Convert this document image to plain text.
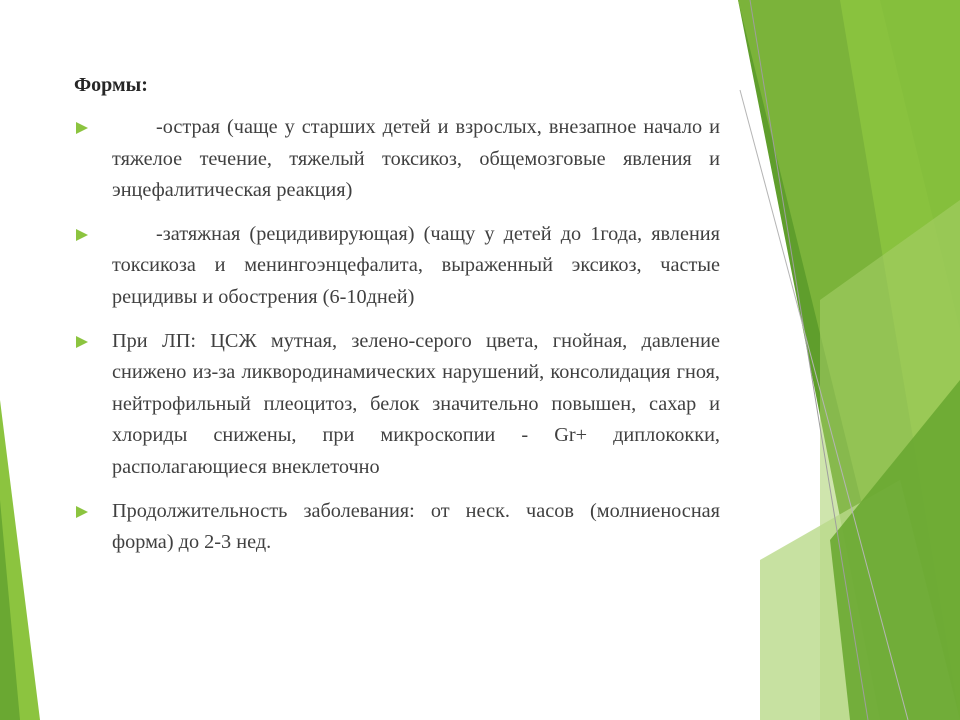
Формы:
-острая (чаще у старших детей и взрослых, внезапное начало и тяжелое течение, тяжелый токсикоз, общемозговые явления и энцефалитическая реакция)
-затяжная (рецидивирующая) (чащу у детей до 1года, явления токсикоза и менингоэнцефалита, выраженный эксикоз, частые рецидивы и обострения (6-10дней)
При ЛП: ЦСЖ мутная, зелено-серого цвета, гнойная, давление снижено из-за ликвородинамических нарушений, консолидация гноя, нейтрофильный плеоцитоз, белок значительно повышен, сахар и хлориды снижены, при микроскопии - Gr+ диплококки, располагающиеся внеклеточно
Продолжительность заболевания: от неск. часов (молниеносная форма) до 2-3 нед.
